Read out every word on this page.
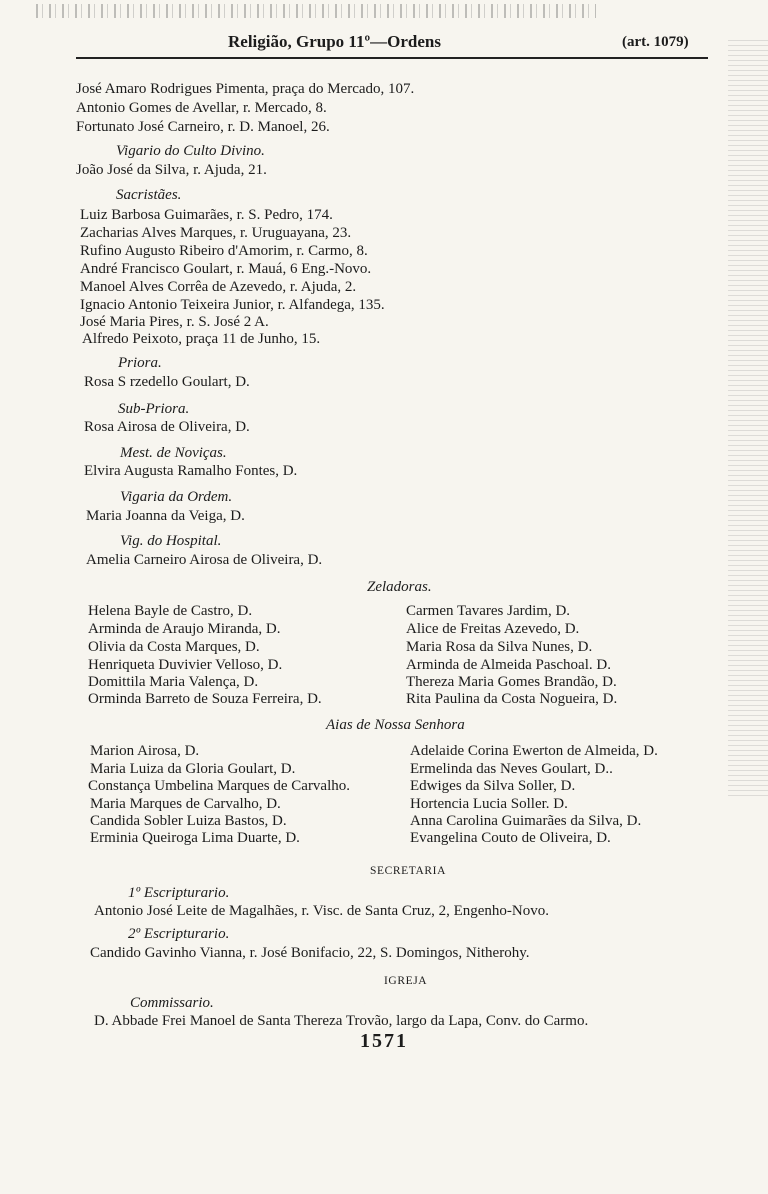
Religião, Grupo 11º—Ordens	(art. 1079)
José Amaro Rodrigues Pimenta, praça do Mercado, 107.
Antonio Gomes de Avellar, r. Mercado, 8.
Fortunato José Carneiro, r. D. Manoel, 26.
Vigario do Culto Divino.
João José da Silva, r. Ajuda, 21.
Sacristães.
Luiz Barbosa Guimarães, r. S. Pedro, 174.
Zacharias Alves Marques, r. Uruguayana, 23.
Rufino Augusto Ribeiro d'Amorim, r. Carmo, 8.
André Francisco Goulart, r. Mauá, 6 Eng.-Novo.
Manoel Alves Corrêa de Azevedo, r. Ajuda, 2.
Ignacio Antonio Teixeira Junior, r. Alfandega, 135.
José Maria Pires, r. S. José 2 A.
Alfredo Peixoto, praça 11 de Junho, 15.
Priora.
Rosa S rzedello Goulart, D.
Sub-Priora.
Rosa Airosa de Oliveira, D.
Mest. de Noviças.
Elvira Augusta Ramalho Fontes, D.
Vigaria da Ordem.
Maria Joanna da Veiga, D.
Vig. do Hospital.
Amelia Carneiro Airosa de Oliveira, D.
Zeladoras.
Helena Bayle de Castro, D.
Arminda de Araujo Miranda, D.
Olivia da Costa Marques, D.
Henriqueta Duvivier Velloso, D.
Domittila Maria Valença, D.
Orminda Barreto de Souza Ferreira, D.
Carmen Tavares Jardim, D.
Alice de Freitas Azevedo, D.
Maria Rosa da Silva Nunes, D.
Arminda de Almeida Paschoal. D.
Thereza Maria Gomes Brandão, D.
Rita Paulina da Costa Nogueira, D.
Aias de Nossa Senhora
Marion Airosa, D.
Maria Luiza da Gloria Goulart, D.
Constança Umbelina Marques de Carvalho.
Maria Marques de Carvalho, D.
Candida Sobler Luiza Bastos, D.
Erminia Queiroga Lima Duarte, D.
Adelaide Corina Ewerton de Almeida, D.
Ermelinda das Neves Goulart, D..
Edwiges da Silva Soller, D.
Hortencia Lucia Soller. D.
Anna Carolina Guimarães da Silva, D.
Evangelina Couto de Oliveira, D.
SECRETARIA
1º Escripturario.
Antonio José Leite de Magalhães, r. Visc. de Santa Cruz, 2, Engenho-Novo.
2º Escripturario.
Candido Gavinho Vianna, r. José Bonifacio, 22, S. Domingos, Nitherohy.
IGREJA
Commissario.
D. Abbade Frei Manoel de Santa Thereza Trovão, largo da Lapa, Conv. do Carmo.
1571
